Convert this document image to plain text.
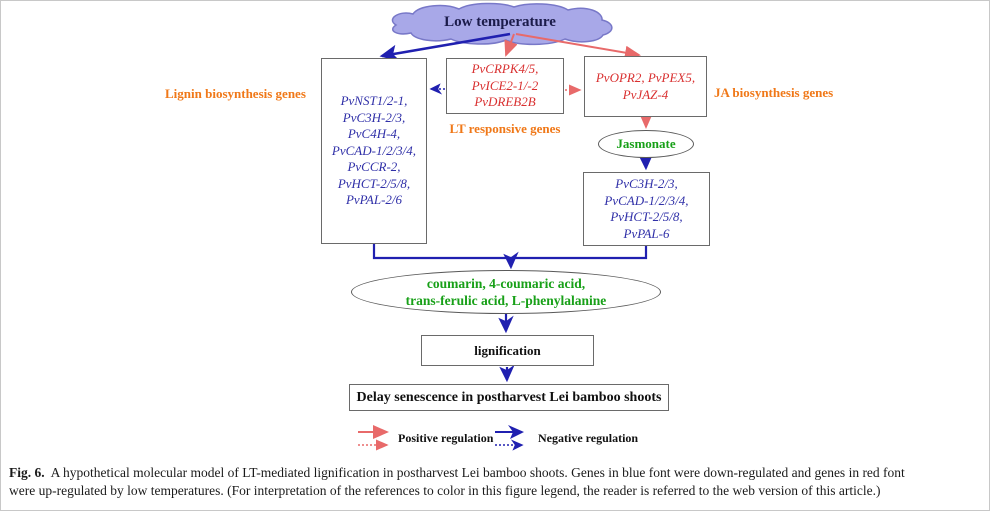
Low temperature
Lignin biosynthesis genes
LT responsive genes
JA biosynthesis genes
PvNST1/2-1,
PvC3H-2/3,
PvC4H-4,
PvCAD-1/2/3/4,
PvCCR-2,
PvHCT-2/5/8,
PvPAL-2/6
PvCRPK4/5,
PvICE2-1/-2
PvDREB2B
PvOPR2, PvPEX5,
PvJAZ-4
Jasmonate
PvC3H-2/3,
PvCAD-1/2/3/4,
PvHCT-2/5/8,
PvPAL-6
coumarin, 4-coumaric acid,
trans-ferulic acid, L-phenylalanine
lignification
Delay senescence in postharvest Lei bamboo shoots
Positive regulation	Negative regulation
Fig. 6. A hypothetical molecular model of LT-mediated lignification in postharvest Lei bamboo shoots. Genes in blue font were down-regulated and genes in red font
were up-regulated by low temperatures. (For interpretation of the references to color in this figure legend, the reader is referred to the web version of this article.)
